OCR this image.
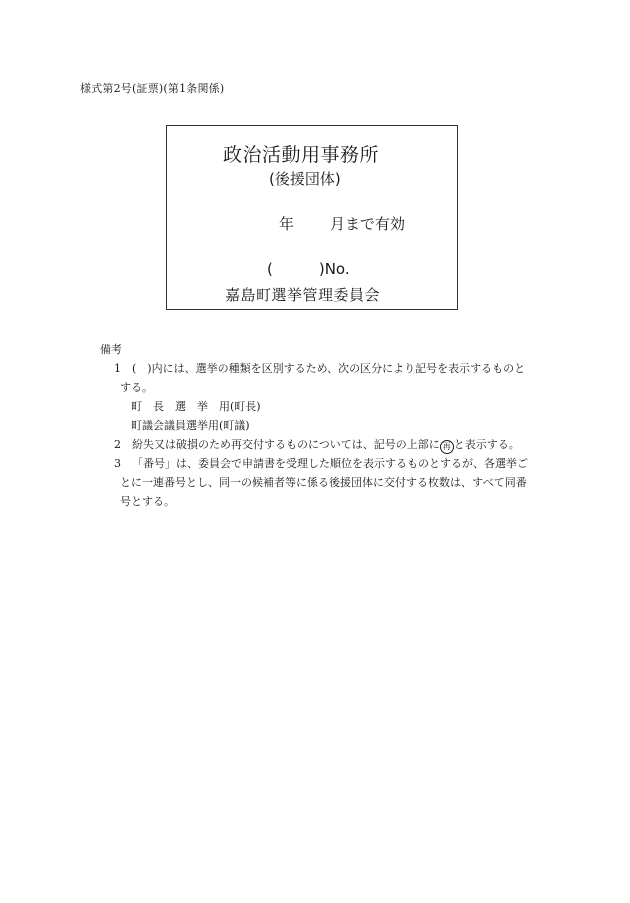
様式第2号(証票)(第1条関係)
政治活動用事務所
(後援団体)
年 月まで有効
(	)No.
嘉島町選挙管理委員会
備考
1 (　)内には、選挙の種類を区別するため、次の区分により記号を表示するものと
する。
町　長　選　挙　用(町長)
町議会議員選挙用(町議)
2 紛失又は破損のため再交付するものについては、記号の上部に 再 と表示する。
3 「番号」は、委員会で申請書を受理した順位を表示するものとするが、各選挙ご
とに一連番号とし、同一の候補者等に係る後援団体に交付する枚数は、すべて同番
号とする。
